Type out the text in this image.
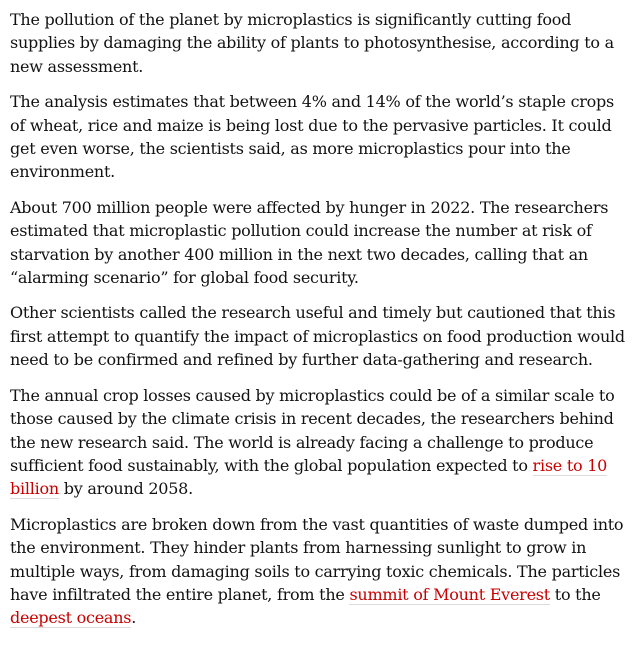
The pollution of the planet by microplastics is significantly cutting food supplies by damaging the ability of plants to photosynthesise, according to a new assessment.

The analysis estimates that between 4% and 14% of the world’s staple crops of wheat, rice and maize is being lost due to the pervasive particles. It could get even worse, the scientists said, as more microplastics pour into the environment.

About 700 million people were affected by hunger in 2022. The researchers estimated that microplastic pollution could increase the number at risk of starvation by another 400 million in the next two decades, calling that an “alarming scenario” for global food security.

Other scientists called the research useful and timely but cautioned that this first attempt to quantify the impact of microplastics on food production would need to be confirmed and refined by further data-gathering and research.

The annual crop losses caused by microplastics could be of a similar scale to those caused by the climate crisis in recent decades, the researchers behind the new research said. The world is already facing a challenge to produce sufficient food sustainably, with the global population expected to rise to 10 billion by around 2058.

Microplastics are broken down from the vast quantities of waste dumped into the environment. They hinder plants from harnessing sunlight to grow in multiple ways, from damaging soils to carrying toxic chemicals. The particles have infiltrated the entire planet, from the summit of Mount Everest to the deepest oceans.
